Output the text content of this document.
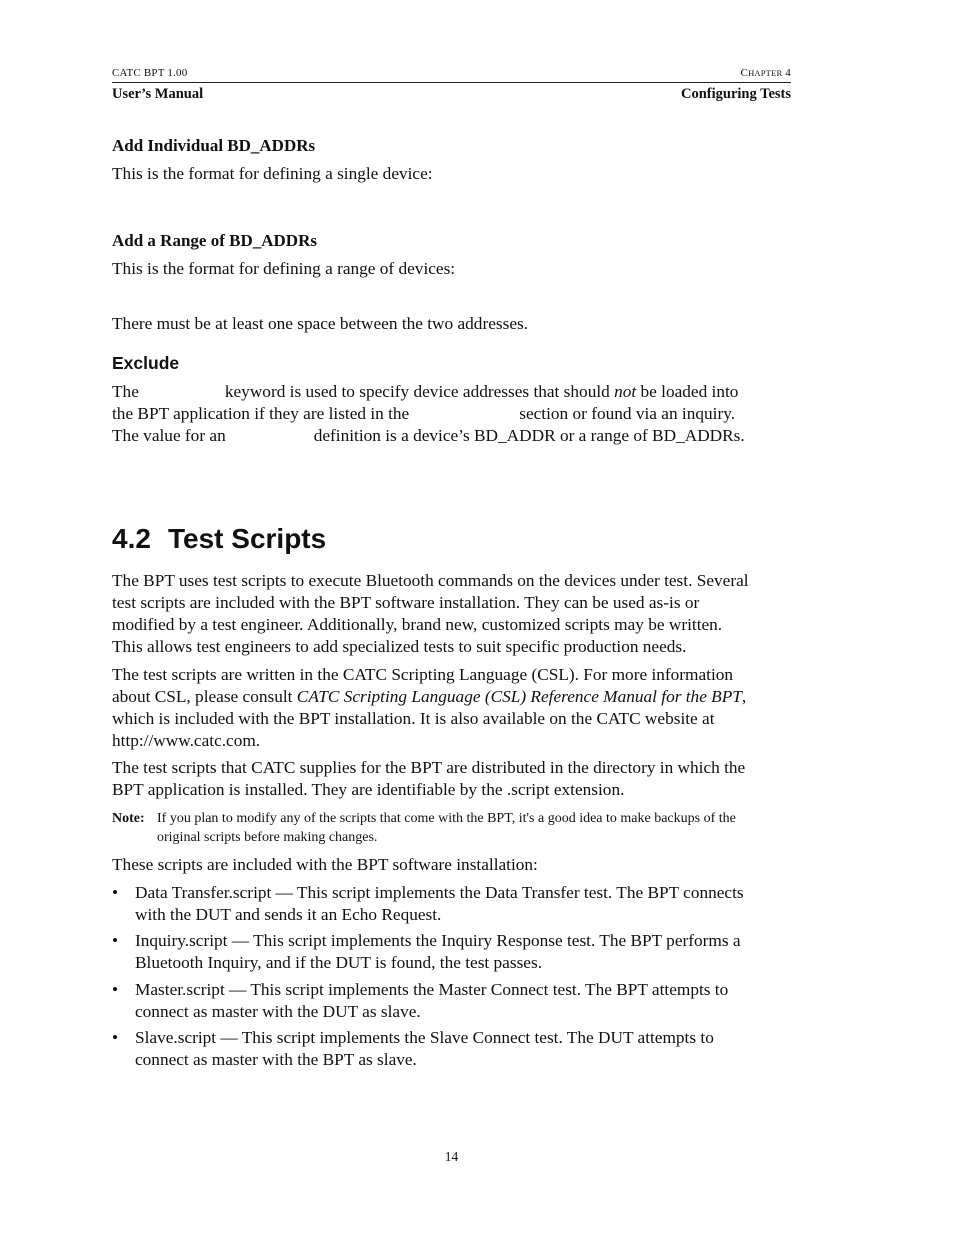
CATC BPT 1.00	CHAPTER 4
User’s Manual	Configuring Tests
Add Individual BD_ADDRs
This is the format for defining a single device:
Add a Range of BD_ADDRs
This is the format for defining a range of devices:
There must be at least one space between the two addresses.
Exclude
The	keyword is used to specify device addresses that should not be loaded into
the BPT application if they are listed in the	section or found via an inquiry.
The value for an	definition is a device’s BD_ADDR or a range of BD_ADDRs.
4.2 Test Scripts
The BPT uses test scripts to execute Bluetooth commands on the devices under test. Several
test scripts are included with the BPT software installation. They can be used as-is or
modified by a test engineer. Additionally, brand new, customized scripts may be written.
This allows test engineers to add specialized tests to suit specific production needs.
The test scripts are written in the CATC Scripting Language (CSL). For more information
about CSL, please consult CATC Scripting Language (CSL) Reference Manual for the BPT,
which is included with the BPT installation. It is also available on the CATC website at
http://www.catc.com.
The test scripts that CATC supplies for the BPT are distributed in the directory in which the
BPT application is installed. They are identifiable by the .script extension.
Note: If you plan to modify any of the scripts that come with the BPT, it's a good idea to make backups of the
original scripts before making changes.
These scripts are included with the BPT software installation:
• Data Transfer.script — This script implements the Data Transfer test. The BPT connects
with the DUT and sends it an Echo Request.
• Inquiry.script — This script implements the Inquiry Response test. The BPT performs a
Bluetooth Inquiry, and if the DUT is found, the test passes.
• Master.script — This script implements the Master Connect test. The BPT attempts to
connect as master with the DUT as slave.
• Slave.script — This script implements the Slave Connect test. The DUT attempts to
connect as master with the BPT as slave.
14
